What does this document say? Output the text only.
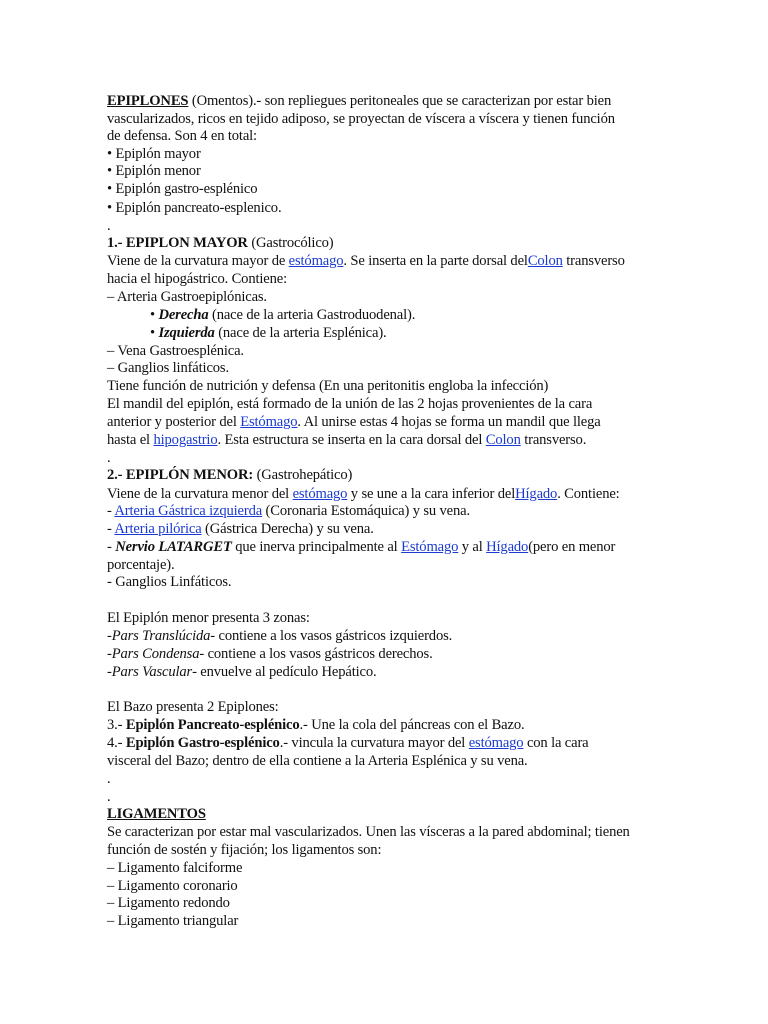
EPIPLONES (Omentos).- son repliegues peritoneales que se caracterizan por estar bien
vascularizados, ricos en tejido adiposo, se proyectan de víscera a víscera y tienen función
de defensa. Son 4 en total:
• Epiplón mayor
• Epiplón menor
• Epiplón gastro-esplénico
• Epiplón pancreato-esplenico.
.
1.- EPIPLON MAYOR (Gastrocólico)
Viene de la curvatura mayor de estómago. Se inserta en la parte dorsal delColon transverso
hacia el hipogástrico. Contiene:
– Arteria Gastroepiplónicas.
• Derecha (nace de la arteria Gastroduodenal).
• Izquierda (nace de la arteria Esplénica).
– Vena Gastroesplénica.
– Ganglios linfáticos.
Tiene función de nutrición y defensa (En una peritonitis engloba la infección)
El mandil del epiplón, está formado de la unión de las 2 hojas provenientes de la cara
anterior y posterior del Estómago. Al unirse estas 4 hojas se forma un mandil que llega
hasta el hipogastrio. Esta estructura se inserta en la cara dorsal del Colon transverso.
.
2.- EPIPLÓN MENOR: (Gastrohepático)
Viene de la curvatura menor del estómago y se une a la cara inferior delHígado. Contiene:
- Arteria Gástrica izquierda (Coronaria Estomáquica) y su vena.
- Arteria pilórica (Gástrica Derecha) y su vena.
- Nervio LATARGET que inerva principalmente al Estómago y al Hígado(pero en menor
porcentaje).
- Ganglios Linfáticos.
El Epiplón menor presenta 3 zonas:
-Pars Translúcida- contiene a los vasos gástricos izquierdos.
-Pars Condensa- contiene a los vasos gástricos derechos.
-Pars Vascular- envuelve al pedículo Hepático.
El Bazo presenta 2 Epiplones:
3.- Epiplón Pancreato-esplénico.- Une la cola del páncreas con el Bazo.
4.- Epiplón Gastro-esplénico.- vincula la curvatura mayor del estómago con la cara
visceral del Bazo; dentro de ella contiene a la Arteria Esplénica y su vena.
.
.
LIGAMENTOS
Se caracterizan por estar mal vascularizados. Unen las vísceras a la pared abdominal; tienen
función de sostén y fijación; los ligamentos son:
– Ligamento falciforme
– Ligamento coronario
– Ligamento redondo
– Ligamento triangular
